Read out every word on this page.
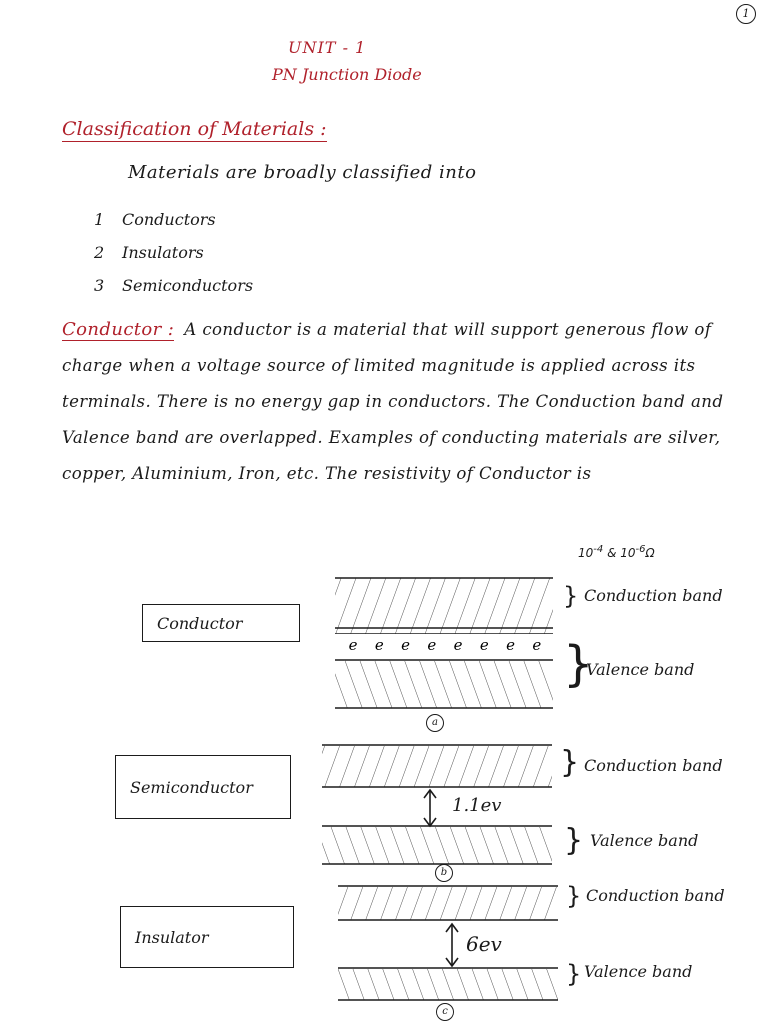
1
UNIT - 1
PN Junction Diode
Classification of Materials :
Materials are broadly classified into
1 Conductors
2 Insulators
3 Semiconductors
Conductor : A conductor is a material that will support generous flow of charge when a voltage source of limited magnitude is applied across its terminals. There is no energy gap in conductors. The Conduction band and Valence band are overlapped. Examples of conducting materials are silver, copper, Aluminium, Iron, etc. The resistivity of Conductor is
$10^{-4}$ & $10^{-6}\Omega$
e e e e e e e e
Conductor
} Conduction band
}
Valence band
a
Semiconductor
} Conduction band
1.1ev
} Valence band
b
Insulator
} Conduction band
6ev
} Valence band
c
